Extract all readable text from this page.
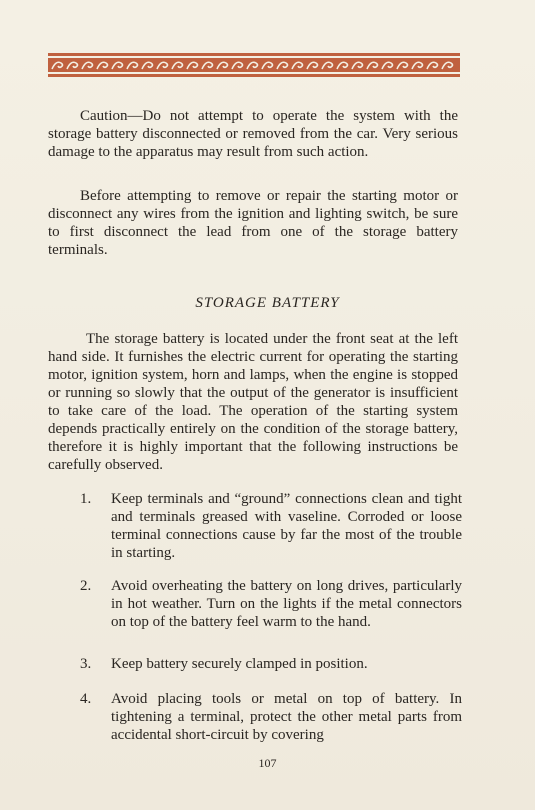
Caution—Do not attempt to operate the system with the storage battery disconnected or removed from the car. Very serious damage to the apparatus may result from such action.
Before attempting to remove or repair the starting motor or disconnect any wires from the ignition and lighting switch, be sure to first disconnect the lead from one of the storage battery terminals.
STORAGE BATTERY
The storage battery is located under the front seat at the left hand side. It furnishes the electric current for operating the starting motor, ignition system, horn and lamps, when the engine is stopped or running so slowly that the output of the generator is insufficient to take care of the load. The operation of the starting system depends practically entirely on the condition of the storage battery, therefore it is highly important that the following instructions be carefully observed.
1.	Keep terminals and “ground” connections clean and tight and terminals greased with vaseline. Corroded or loose terminal connections cause by far the most of the trouble in starting.
2.	Avoid overheating the battery on long drives, particularly in hot weather. Turn on the lights if the metal connectors on top of the battery feel warm to the hand.
3.	Keep battery securely clamped in position.
4.	Avoid placing tools or metal on top of battery. In tightening a terminal, protect the other metal parts from accidental short-circuit by covering
107
